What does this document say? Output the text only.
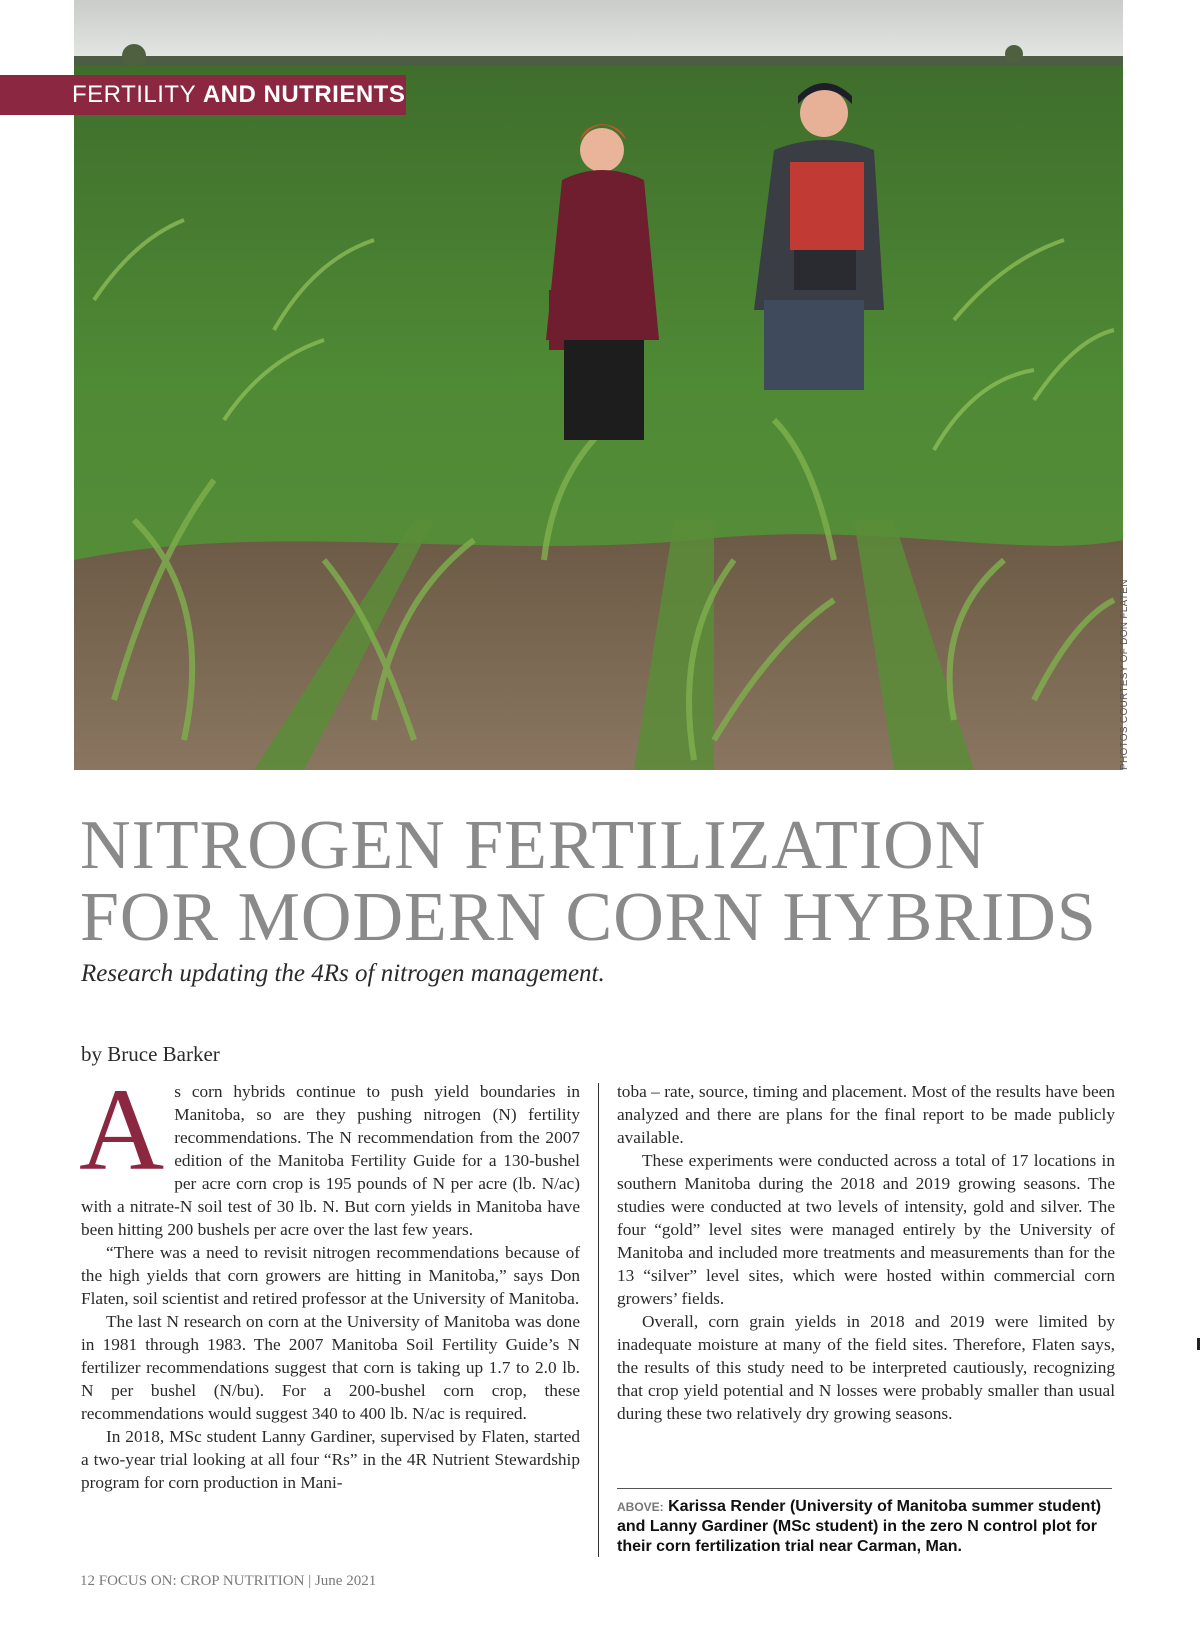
FERTILITY AND NUTRIENTS
PHOTOS COURTESY OF DON FLATEN
NITROGEN FERTILIZATION
FOR MODERN CORN HYBRIDS

Research updating the 4Rs of nitrogen management.

by Bruce Barker

As corn hybrids continue to push yield boundaries in Manitoba, so are they pushing nitrogen (N) fertility recommendations. The N recommendation from the 2007 edition of the Manitoba Fertility Guide for a 130-bushel per acre corn crop is 195 pounds of N per acre (lb. N/ac) with a nitrate-N soil test of 30 lb. N. But corn yields in Manitoba have been hitting 200 bushels per acre over the last few years.

“There was a need to revisit nitrogen recommendations because of the high yields that corn growers are hitting in Manitoba,” says Don Flaten, soil scientist and retired professor at the University of Manitoba.

The last N research on corn at the University of Manitoba was done in 1981 through 1983. The 2007 Manitoba Soil Fertility Guide’s N fertilizer recommendations suggest that corn is taking up 1.7 to 2.0 lb. N per bushel (N/bu). For a 200-bushel corn crop, these recommendations would suggest 340 to 400 lb. N/ac is required.

In 2018, MSc student Lanny Gardiner, supervised by Flaten, started a two-year trial looking at all four “Rs” in the 4R Nutrient Stewardship program for corn production in Mani-

toba – rate, source, timing and placement. Most of the results have been analyzed and there are plans for the final report to be made publicly available.

These experiments were conducted across a total of 17 locations in southern Manitoba during the 2018 and 2019 growing seasons. The studies were conducted at two levels of intensity, gold and silver. The four “gold” level sites were managed entirely by the University of Manitoba and included more treatments and measurements than for the 13 “silver” level sites, which were hosted within commercial corn growers’ fields.

Overall, corn grain yields in 2018 and 2019 were limited by inadequate moisture at many of the field sites. Therefore, Flaten says, the results of this study need to be interpreted cautiously, recognizing that crop yield potential and N losses were probably smaller than usual during these two relatively dry growing seasons.

ABOVE: Karissa Render (University of Manitoba summer student) and Lanny Gardiner (MSc student) in the zero N control plot for their corn fertilization trial near Carman, Man.
12 FOCUS ON: CROP NUTRITION | June 2021
